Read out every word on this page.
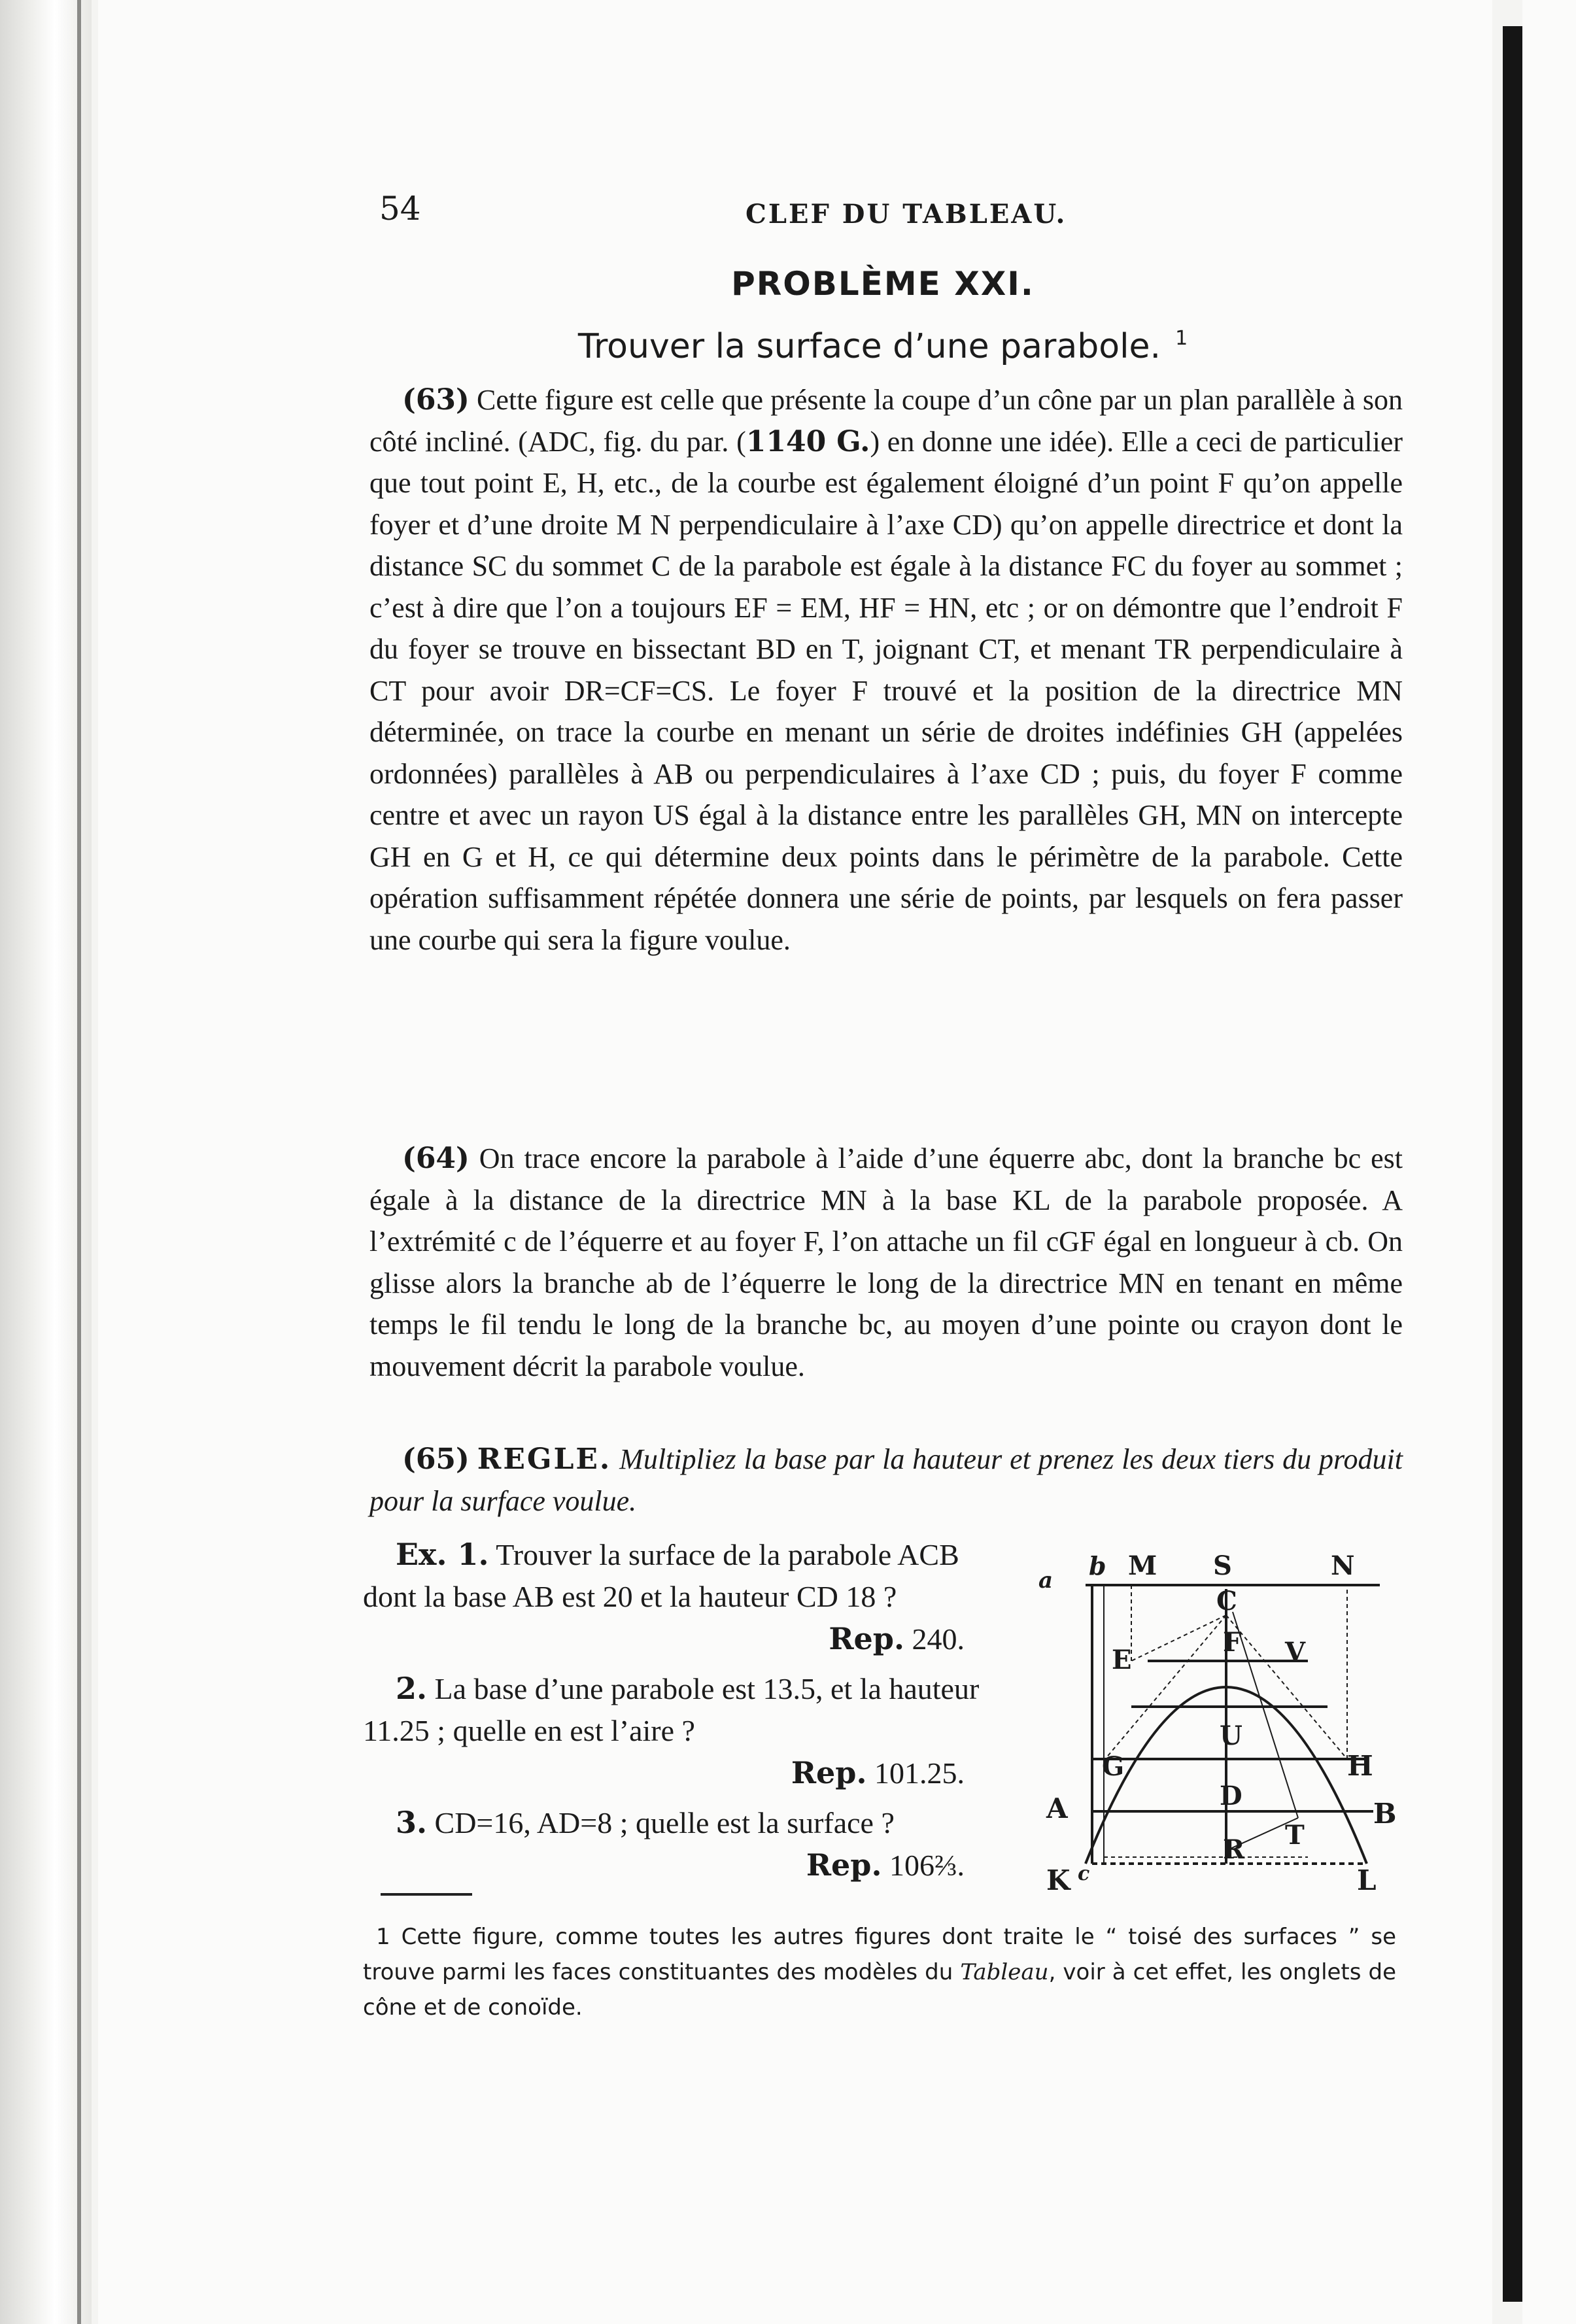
54	CLEF DU TABLEAU.
PROBLÈME XXI.
Trouver la surface d’une parabole. $^1$

(63) Cette figure est celle que présente la coupe d’un cône par un plan parallèle à son côté incliné. (ADC, fig. du par. (1140 G.) en donne une idée). Elle a ceci de particulier que tout point E, H, etc., de la courbe est également éloigné d’un point F qu’on appelle foyer et d’une droite M N perpendiculaire à l’axe CD) qu’on appelle directrice et dont la distance SC du sommet C de la parabole est égale à la distance FC du foyer au sommet ; c’est à dire que l’on a toujours EF = EM, HF = HN, etc ; or on démontre que l’endroit F du foyer se trouve en bissectant BD en T, joignant CT, et menant TR perpendiculaire à CT pour avoir DR=CF=CS. Le foyer F trouvé et la position de la directrice MN déterminée, on trace la courbe en menant un série de droites indéfinies GH (appelées ordonnées) parallèles à AB ou perpendiculaires à l’axe CD ; puis, du foyer F comme centre et avec un rayon US égal à la distance entre les parallèles GH, MN on intercepte GH en G et H, ce qui détermine deux points dans le périmètre de la parabole. Cette opération suffisamment répétée donnera une série de points, par lesquels on fera passer une courbe qui sera la figure voulue.

(64) On trace encore la parabole à l’aide d’une équerre abc, dont la branche bc est égale à la distance de la directrice MN à la base KL de la parabole proposée. A l’extrémité c de l’équerre et au foyer F, l’on attache un fil cGF égal en longueur à cb. On glisse alors la branche ab de l’équerre le long de la directrice MN en tenant en même temps le fil tendu le long de la branche bc, au moyen d’une pointe ou crayon dont le mouvement décrit la parabole voulue.

(65) REGLE. Multipliez la base par la hauteur et prenez les deux tiers du produit pour la surface voulue.

Ex. 1. Trouver la surface de la parabole ACB dont la base AB est 20 et la hauteur CD 18 ?
Rep. 240.
2. La base d’une parabole est 13.5, et la hauteur 11.25 ; quelle en est l’aire ?
Rep. 101.25.
3. CD=16, AD=8 ; quelle est la surface ?
Rep. 106⅔.
a b M S	N
C
F
E	V
U
G	H
D
A	B
T
R
K c	L

1 Cette figure, comme toutes les autres figures dont traite le “ toisé des surfaces ” se trouve parmi les faces constituantes des modèles du Tableau, voir à cet effet, les onglets de cône et de conoïde.
